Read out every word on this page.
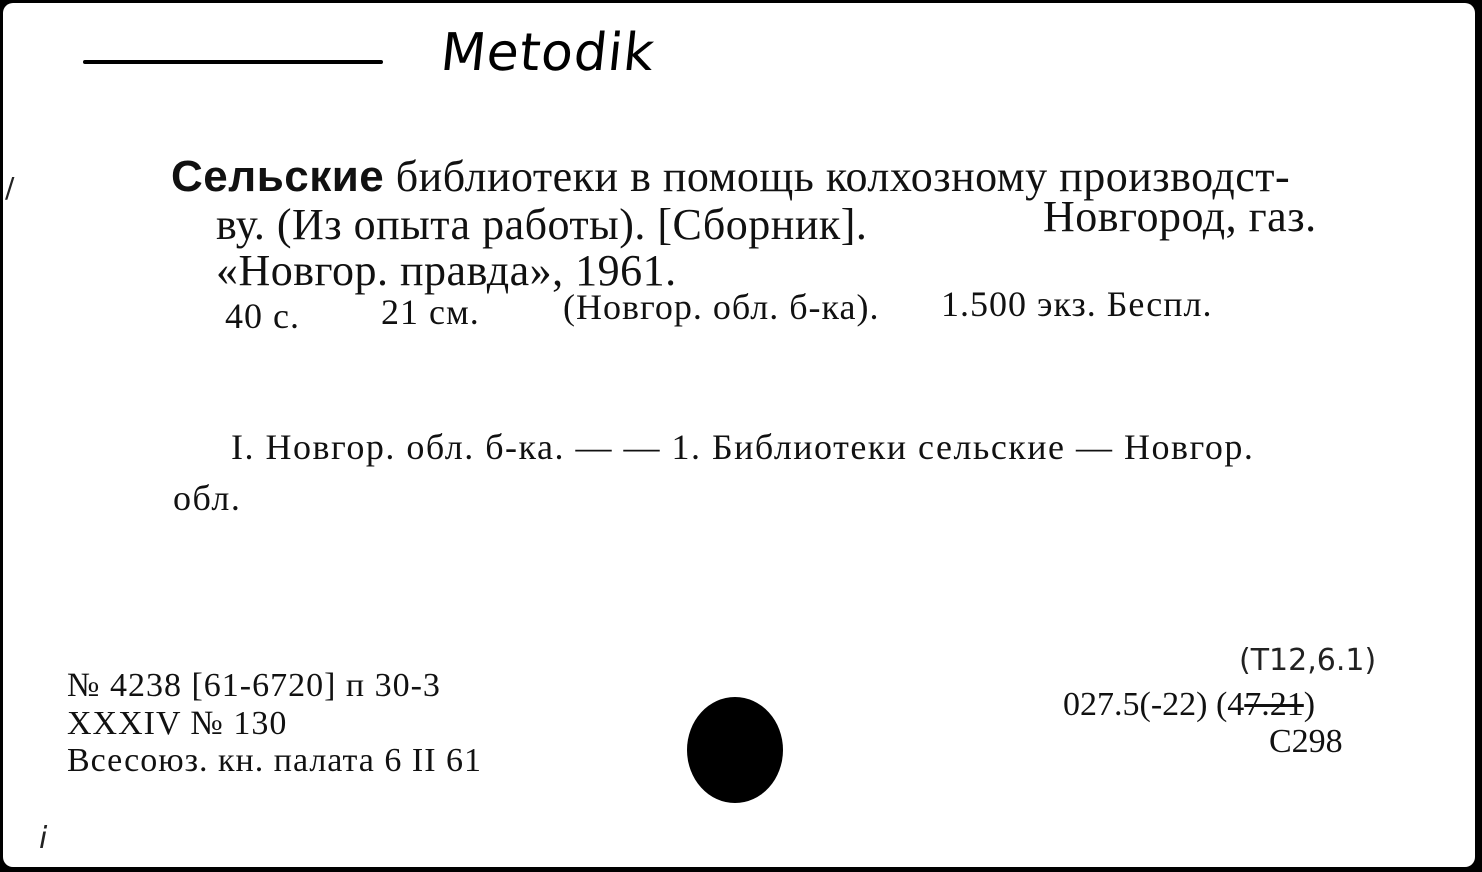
Metodik
/
i
Сельские библиотеки в помощь колхозному производст-
ву. (Из опыта работы). [Сборник].	Новгород, газ.
«Новгор. правда», 1961.
40 с. 21 см. (Новгор. обл. б-ка). 1.500 экз. Беспл.
I. Новгор. обл. б-ка. — — 1. Библиотеки сельские — Новгор.
обл.
№ 4238 [61-6720] п 30-3
XXXIV № 130
Всесоюз. кн. палата 6 II 61
(Т12,6.1)
027.5(-22) (47.21)
С298
